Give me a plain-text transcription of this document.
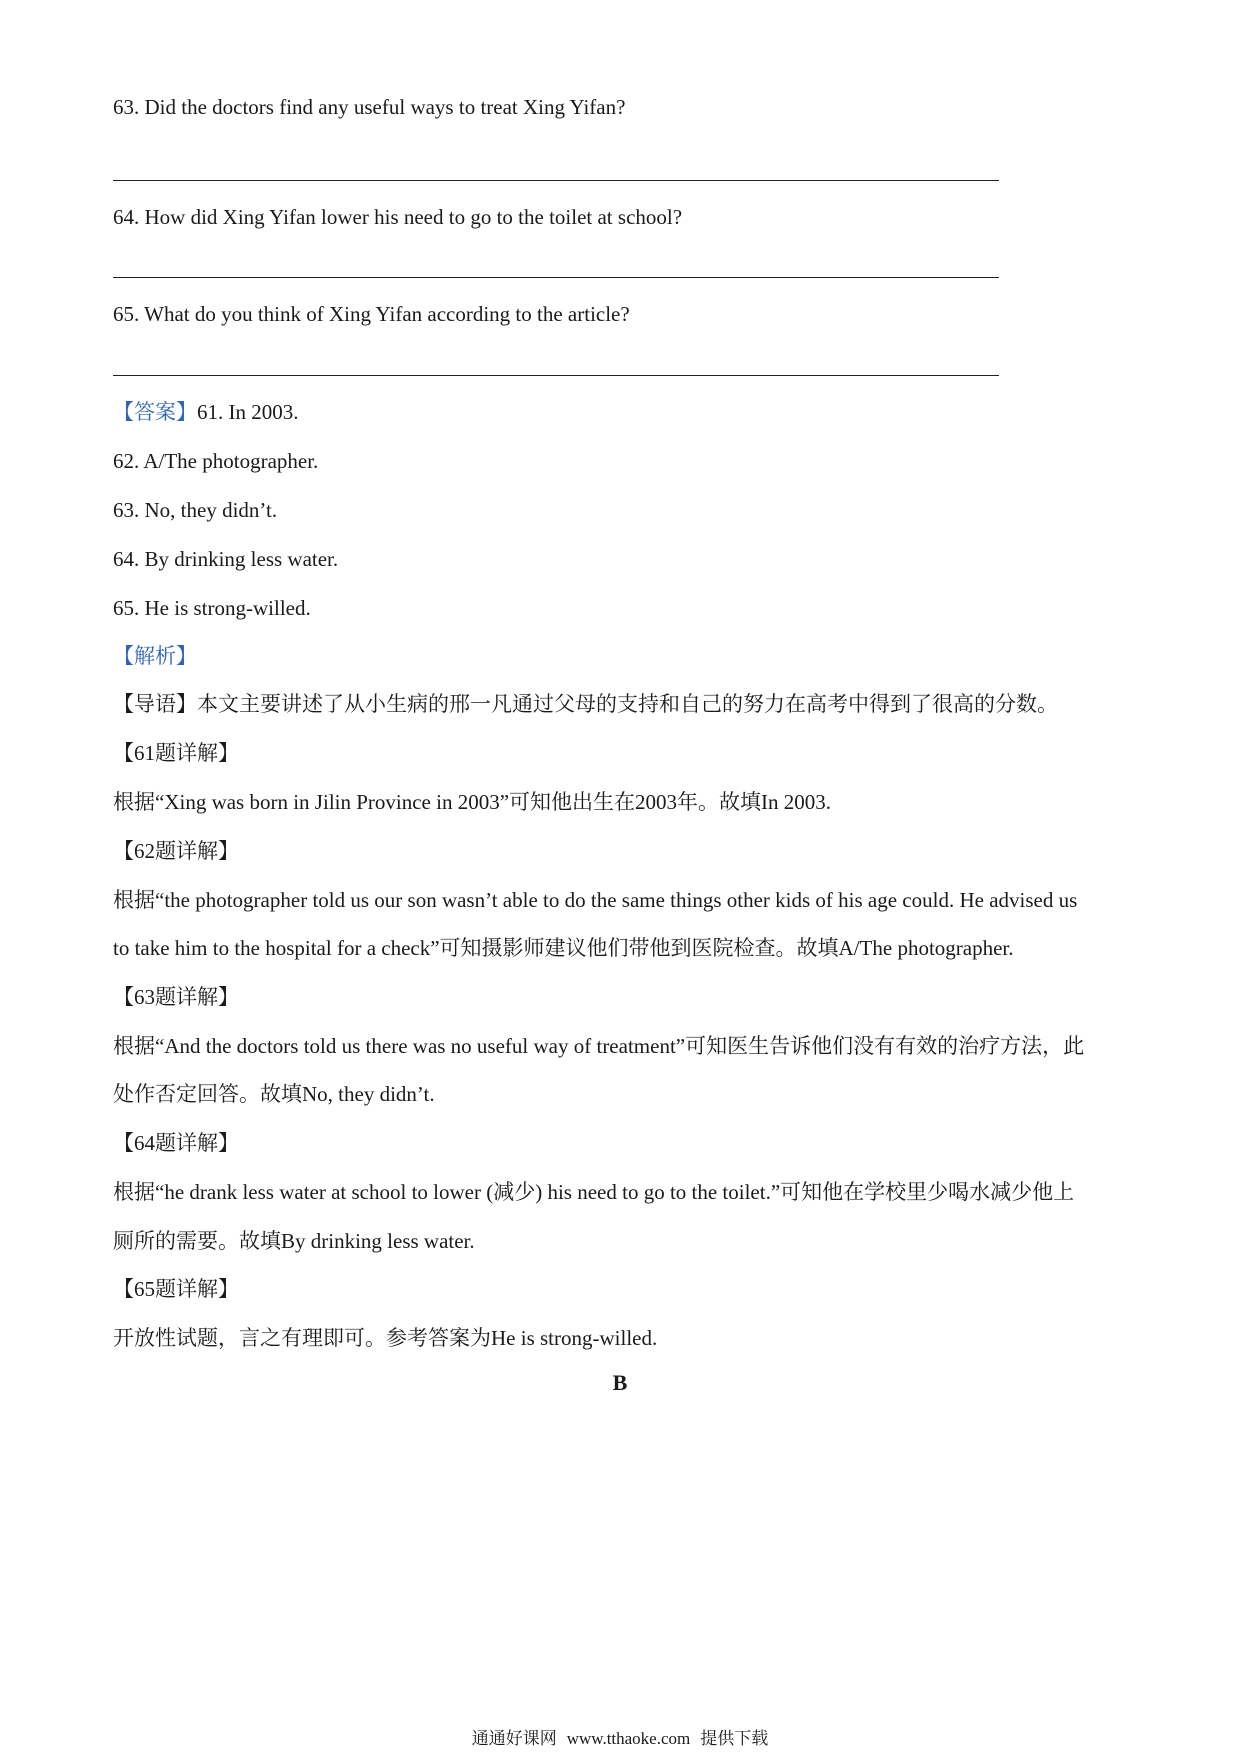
63. Did the doctors find any useful ways to treat Xing Yifan?
64. How did Xing Yifan lower his need to go to the toilet at school?
65. What do you think of Xing Yifan according to the article?
【答案】61. In 2003.
62. A/The photographer.
63. No, they didn’t.
64. By drinking less water.
65. He is strong-willed.
【解析】
【导语】本文主要讲述了从小生病的邢一凡通过父母的支持和自己的努力在高考中得到了很高的分数。
【61题详解】
根据“Xing was born in Jilin Province in 2003”可知他出生在2003年。故填In 2003.
【62题详解】
根据“the photographer told us our son wasn’t able to do the same things other kids of his age could. He advised us
to take him to the hospital for a check”可知摄影师建议他们带他到医院检查。故填A/The photographer.
【63题详解】
根据“And the doctors told us there was no useful way of treatment”可知医生告诉他们没有有效的治疗方法，此
处作否定回答。故填No, they didn’t.
【64题详解】
根据“he drank less water at school to lower (减少) his need to go to the toilet.”可知他在学校里少喝水减少他上
厕所的需要。故填By drinking less water.
【65题详解】
开放性试题，言之有理即可。参考答案为He is strong-willed.
B
通通好课网 www.tthaoke.com 提供下载
